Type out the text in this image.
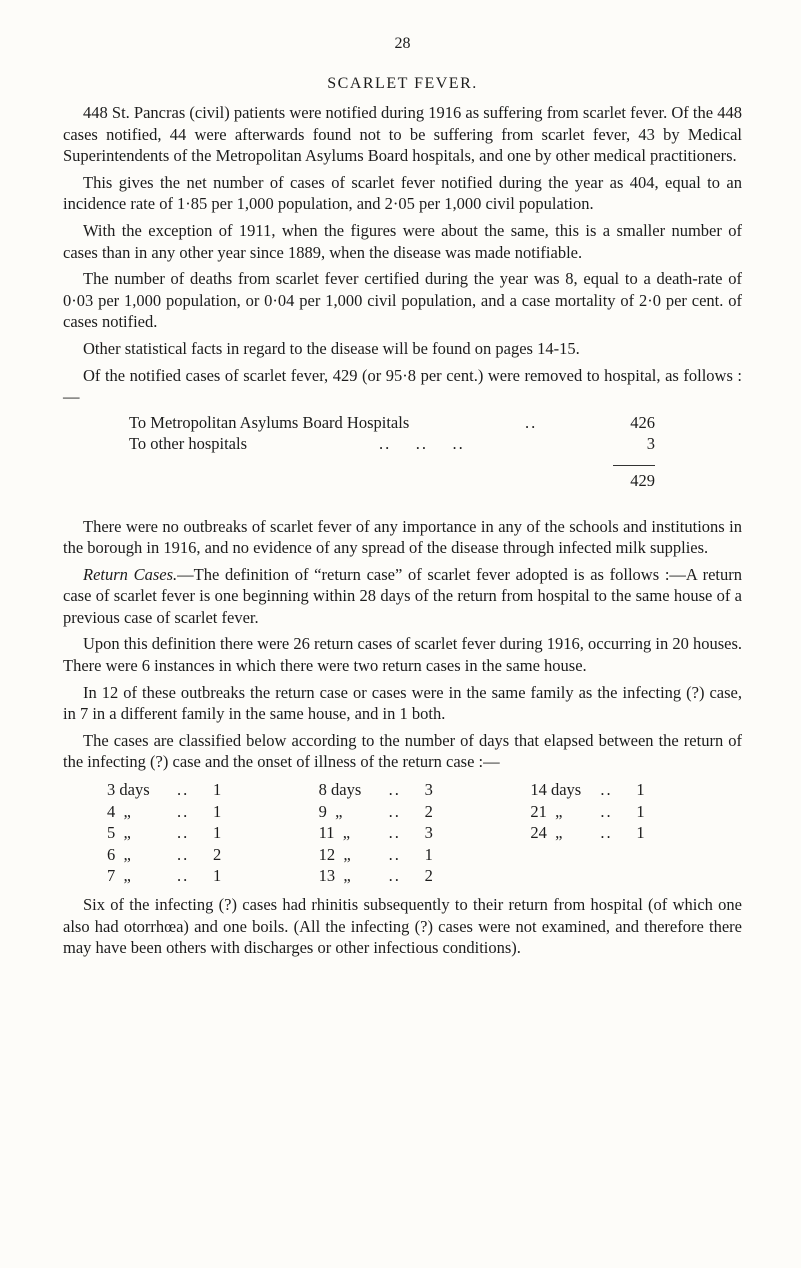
28
SCARLET FEVER.

448 St. Pancras (civil) patients were notified during 1916 as suffering from scarlet fever. Of the 448 cases notified, 44 were afterwards found not to be suffering from scarlet fever, 43 by Medical Superintendents of the Metropolitan Asylums Board hospitals, and one by other medical practitioners.

This gives the net number of cases of scarlet fever notified during the year as 404, equal to an incidence rate of 1·85 per 1,000 population, and 2·05 per 1,000 civil population.

With the exception of 1911, when the figures were about the same, this is a smaller number of cases than in any other year since 1889, when the disease was made notifiable.

The number of deaths from scarlet fever certified during the year was 8, equal to a death-rate of 0·03 per 1,000 population, or 0·04 per 1,000 civil population, and a case mortality of 2·0 per cent. of cases notified.

Other statistical facts in regard to the disease will be found on pages 14-15.

Of the notified cases of scarlet fever, 429 (or 95·8 per cent.) were removed to hospital, as follows :—

To Metropolitan Asylums Board Hospitals	..	426
To other hospitals	..    ..    ..	3
429

There were no outbreaks of scarlet fever of any importance in any of the schools and institutions in the borough in 1916, and no evidence of any spread of the disease through infected milk supplies.

Return Cases.—The definition of “return case” of scarlet fever adopted is as follows :—A return case of scarlet fever is one beginning within 28 days of the return from hospital to the same house of a previous case of scarlet fever.

Upon this definition there were 26 return cases of scarlet fever during 1916, occurring in 20 houses. There were 6 instances in which there were two return cases in the same house.

In 12 of these outbreaks the return case or cases were in the same family as the infecting (?) case, in 7 in a different family in the same house, and in 1 both.

The cases are classified below according to the number of days that elapsed between the return of the infecting (?) case and the onset of illness of the return case :—

3 days	..	1
4  „	..	1
5  „	..	1
6  „	..	2
7  „	..	1
8 days	..	3
9  „	..	2
11  „	..	3
12  „	..	1
13  „	..	2
14 days	..	1
21  „	..	1
24  „	..	1

Six of the infecting (?) cases had rhinitis subsequently to their return from hospital (of which one also had otorrhœa) and one boils. (All the infecting (?) cases were not examined, and therefore there may have been others with discharges or other infectious conditions).
